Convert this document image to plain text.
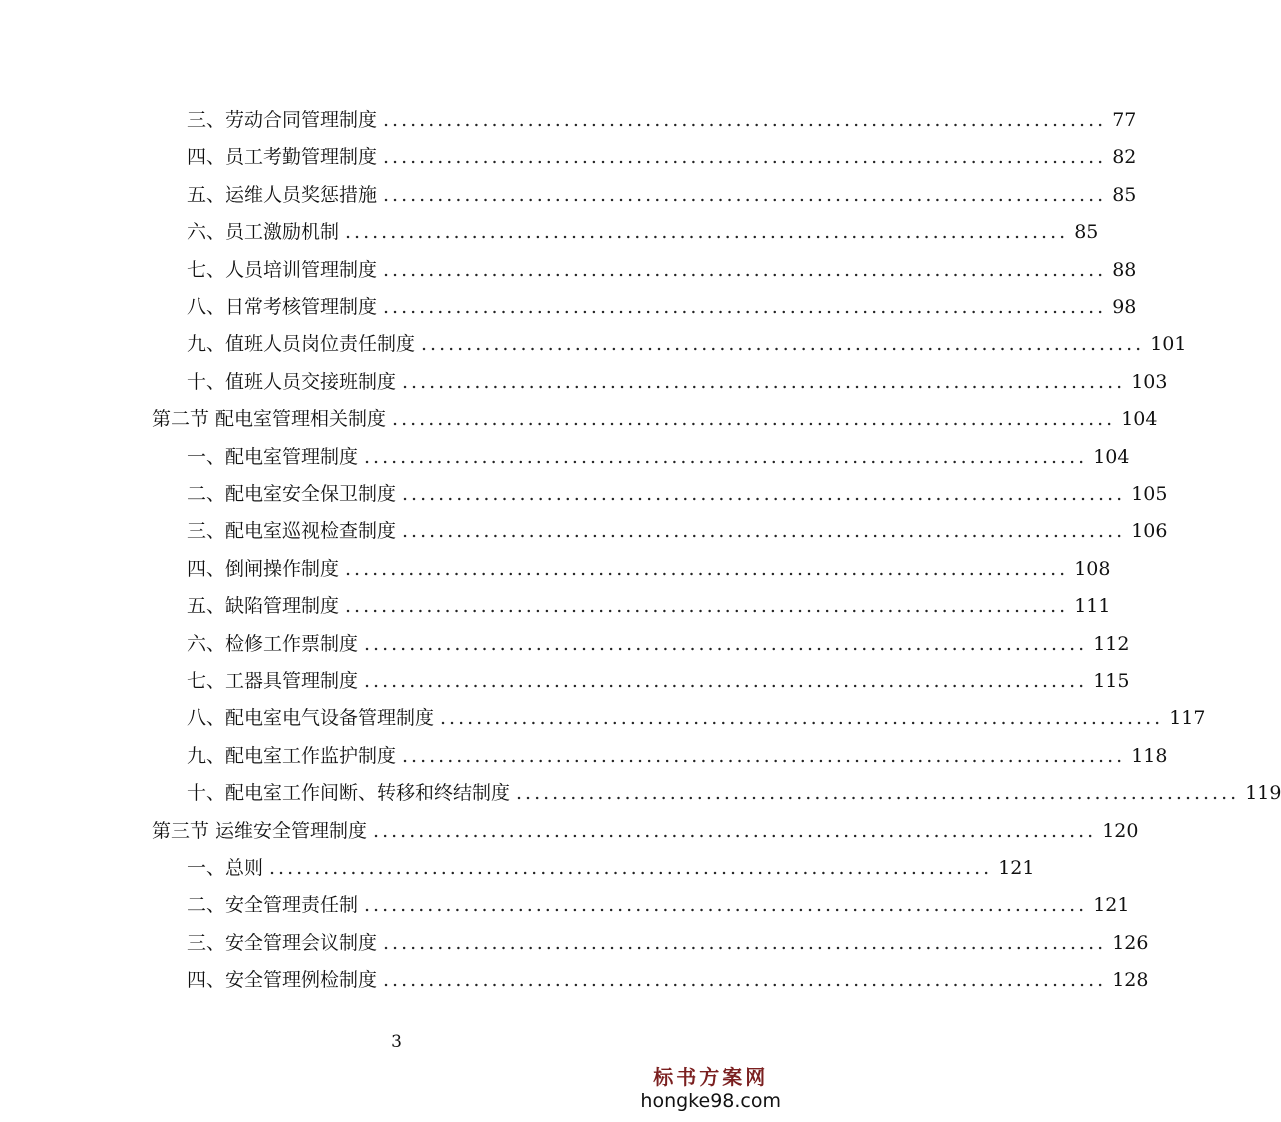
三、劳动合同管理制度 ................................................................................ 77
四、员工考勤管理制度 ................................................................................ 82
五、运维人员奖惩措施 ................................................................................ 85
六、员工激励机制 ................................................................................ 85
七、人员培训管理制度 ................................................................................ 88
八、日常考核管理制度 ................................................................................ 98
九、值班人员岗位责任制度 ................................................................................ 101
十、值班人员交接班制度 ................................................................................ 103
第二节 配电室管理相关制度 ................................................................................ 104
一、配电室管理制度 ................................................................................ 104
二、配电室安全保卫制度 ................................................................................ 105
三、配电室巡视检查制度 ................................................................................ 106
四、倒闸操作制度 ................................................................................ 108
五、缺陷管理制度 ................................................................................ 111
六、检修工作票制度 ................................................................................ 112
七、工器具管理制度 ................................................................................ 115
八、配电室电气设备管理制度 ................................................................................ 117
九、配电室工作监护制度 ................................................................................ 118
十、配电室工作间断、转移和终结制度 ................................................................................ 119
第三节 运维安全管理制度 ................................................................................ 120
一、总则 ................................................................................ 121
二、安全管理责任制 ................................................................................ 121
三、安全管理会议制度 ................................................................................ 126
四、安全管理例检制度 ................................................................................ 128
3
标书方案网
hongke98.com
